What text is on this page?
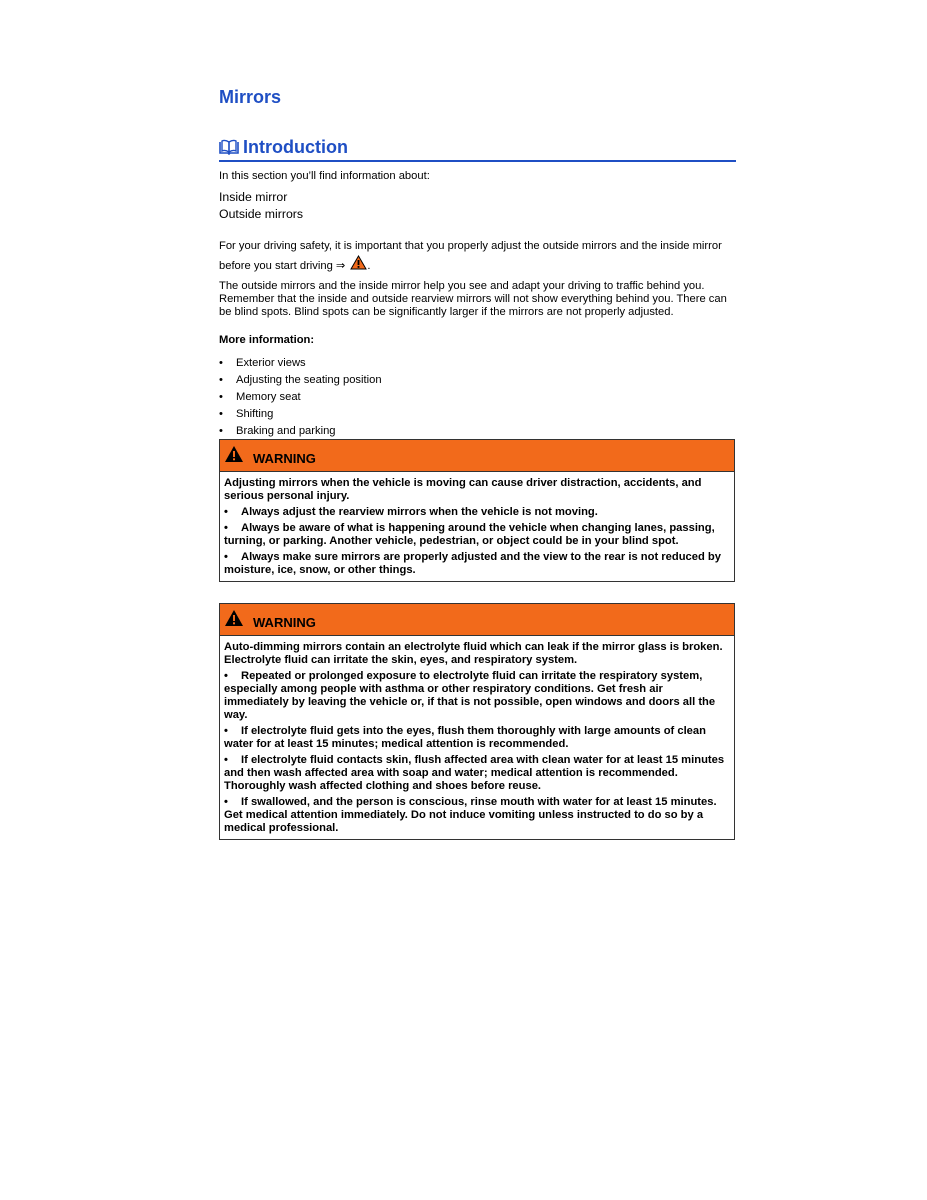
Mirrors
Introduction

In this section you’ll find information about:

Inside mirror
Outside mirrors

For your driving safety, it is important that you properly adjust the outside mirrors and the inside mirror before you start driving ⇒ .

The outside mirrors and the inside mirror help you see and adapt your driving to traffic behind you. Remember that the inside and outside rearview mirrors will not show everything behind you. There can be blind spots. Blind spots can be significantly larger if the mirrors are not properly adjusted.

More information:

• Exterior views
• Adjusting the seating position
• Memory seat
• Shifting
• Braking and parking
WARNING

Adjusting mirrors when the vehicle is moving can cause driver distraction, accidents, and serious personal injury.

• Always adjust the rearview mirrors when the vehicle is not moving.

• Always be aware of what is happening around the vehicle when changing lanes, passing, turning, or parking. Another vehicle, pedestrian, or object could be in your blind spot.

• Always make sure mirrors are properly adjusted and the view to the rear is not reduced by moisture, ice, snow, or other things.

WARNING

Auto-dimming mirrors contain an electrolyte fluid which can leak if the mirror glass is broken. Electrolyte fluid can irritate the skin, eyes, and respiratory system.

• Repeated or prolonged exposure to electrolyte fluid can irritate the respiratory system, especially among people with asthma or other respiratory conditions. Get fresh air immediately by leaving the vehicle or, if that is not possible, open windows and doors all the way.

• If electrolyte fluid gets into the eyes, flush them thoroughly with large amounts of clean water for at least 15 minutes; medical attention is recommended.

• If electrolyte fluid contacts skin, flush affected area with clean water for at least 15 minutes and then wash affected area with soap and water; medical attention is recommended. Thoroughly wash affected clothing and shoes before reuse.

• If swallowed, and the person is conscious, rinse mouth with water for at least 15 minutes. Get medical attention immediately. Do not induce vomiting unless instructed to do so by a medical professional.
